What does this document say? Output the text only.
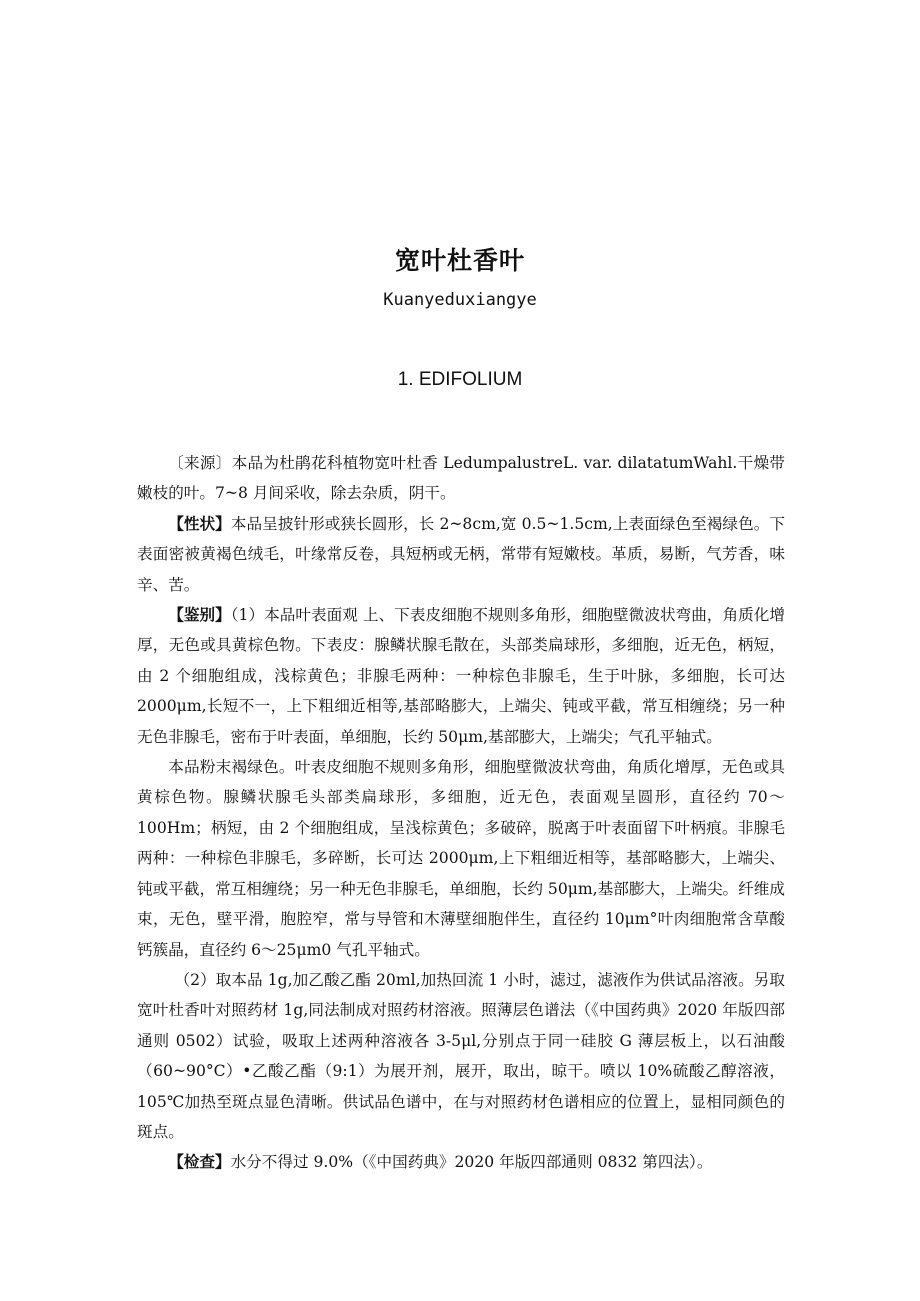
宽叶杜香叶
Kuanyeduxiangye
1. EDIFOLIUM

〔来源〕本品为杜鹃花科植物宽叶杜香 LedumpalustreL. var. dilatatumWahl.干燥带嫩枝的叶。7~8 月间采收，除去杂质，阴干。

【性状】本品呈披针形或狭长圆形，长 2~8cm,宽 0.5~1.5cm,上表面绿色至褐绿色。下表面密被黄褐色绒毛，叶缘常反卷，具短柄或无柄，常带有短嫩枝。革质，易断，气芳香，味辛、苦。

【鉴别】（1）本品叶表面观 上、下表皮细胞不规则多角形，细胞壁微波状弯曲，角质化增厚，无色或具黄棕色物。下表皮：腺鳞状腺毛散在，头部类扁球形，多细胞，近无色，柄短，由 2 个细胞组成，浅棕黄色；非腺毛两种：一种棕色非腺毛，生于叶脉，多细胞，长可达 2000μm,长短不一，上下粗细近相等,基部略膨大，上端尖、钝或平截，常互相缠绕；另一种无色非腺毛，密布于叶表面，单细胞，长约 50μm,基部膨大，上端尖；气孔平轴式。

本品粉末褐绿色。叶表皮细胞不规则多角形，细胞壁微波状弯曲，角质化增厚，无色或具黄棕色物。腺鳞状腺毛头部类扁球形，多细胞，近无色，表面观呈圆形，直径约 70～100Hm；柄短，由 2 个细胞组成，呈浅棕黄色；多破碎，脱离于叶表面留下叶柄痕。非腺毛两种：一种棕色非腺毛，多碎断，长可达 2000μm,上下粗细近相等，基部略膨大，上端尖、钝或平截，常互相缠绕；另一种无色非腺毛，单细胞，长约 50μm,基部膨大，上端尖。纤维成束，无色，壁平滑，胞腔窄，常与导管和木薄壁细胞伴生，直径约 10μm°叶肉细胞常含草酸钙簇晶，直径约 6～25μm0 气孔平轴式。

（2）取本品 1g,加乙酸乙酯 20ml,加热回流 1 小时，滤过，滤液作为供试品溶液。另取宽叶杜香叶对照药材 1g,同法制成对照药材溶液。照薄层色谱法（《中国药典》2020 年版四部通则 0502）试验，吸取上述两种溶液各 3-5μl,分别点于同一硅胶 G 薄层板上，以石油酸（60~90°C）•乙酸乙酯（9:1）为展开剂，展开，取出，晾干。喷以 10%硫酸乙醇溶液，105℃加热至斑点显色清晰。供试品色谱中，在与对照药材色谱相应的位置上，显相同颜色的斑点。

【检查】水分不得过 9.0%（《中国药典》2020 年版四部通则 0832 第四法）。
